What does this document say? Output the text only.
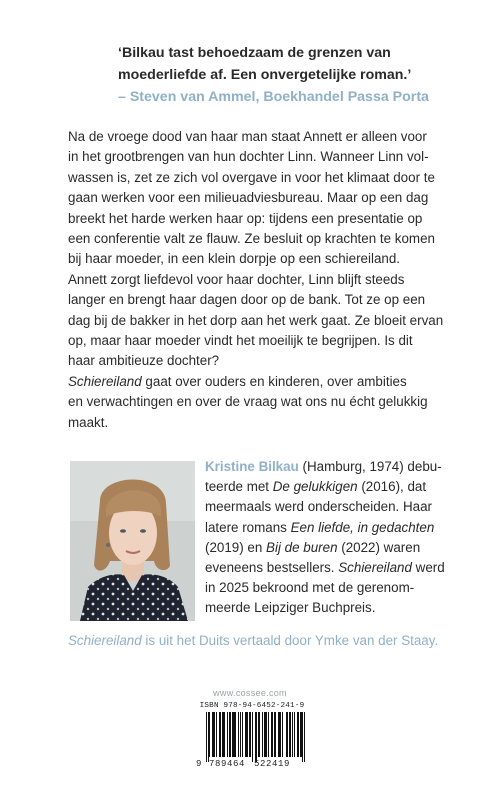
‘Bilkau tast behoedzaam de grenzen van
moederliefde af. Een onvergetelijke roman.’
– Steven van Ammel, Boekhandel Passa Porta
Na de vroege dood van haar man staat Annett er alleen voor
in het grootbrengen van hun dochter Linn. Wanneer Linn vol-
wassen is, zet ze zich vol overgave in voor het klimaat door te
gaan werken voor een milieuadviesbureau. Maar op een dag
breekt het harde werken haar op: tijdens een presentatie op
een conferentie valt ze flauw. Ze besluit op krachten te komen
bij haar moeder, in een klein dorpje op een schiereiland.
Annett zorgt liefdevol voor haar dochter, Linn blijft steeds
langer en brengt haar dagen door op de bank. Tot ze op een
dag bij de bakker in het dorp aan het werk gaat. Ze bloeit ervan
op, maar haar moeder vindt het moeilijk te begrijpen. Is dit
haar ambitieuze dochter?
Schiereiland gaat over ouders en kinderen, over ambities
en verwachtingen en over de vraag wat ons nu écht gelukkig
maakt.
Kristine Bilkau (Hamburg, 1974) debu-
teerde met De gelukkigen (2016), dat
meermaals werd onderscheiden. Haar
latere romans Een liefde, in gedachten
(2019) en Bij de buren (2022) waren
eveneens bestsellers. Schiereiland werd
in 2025 bekroond met de gerenom-
meerde Leipziger Buchpreis.
Schiereiland is uit het Duits vertaald door Ymke van der Staay.
www.cossee.com
ISBN 978-94-6452-241-9
9 789464 522419
